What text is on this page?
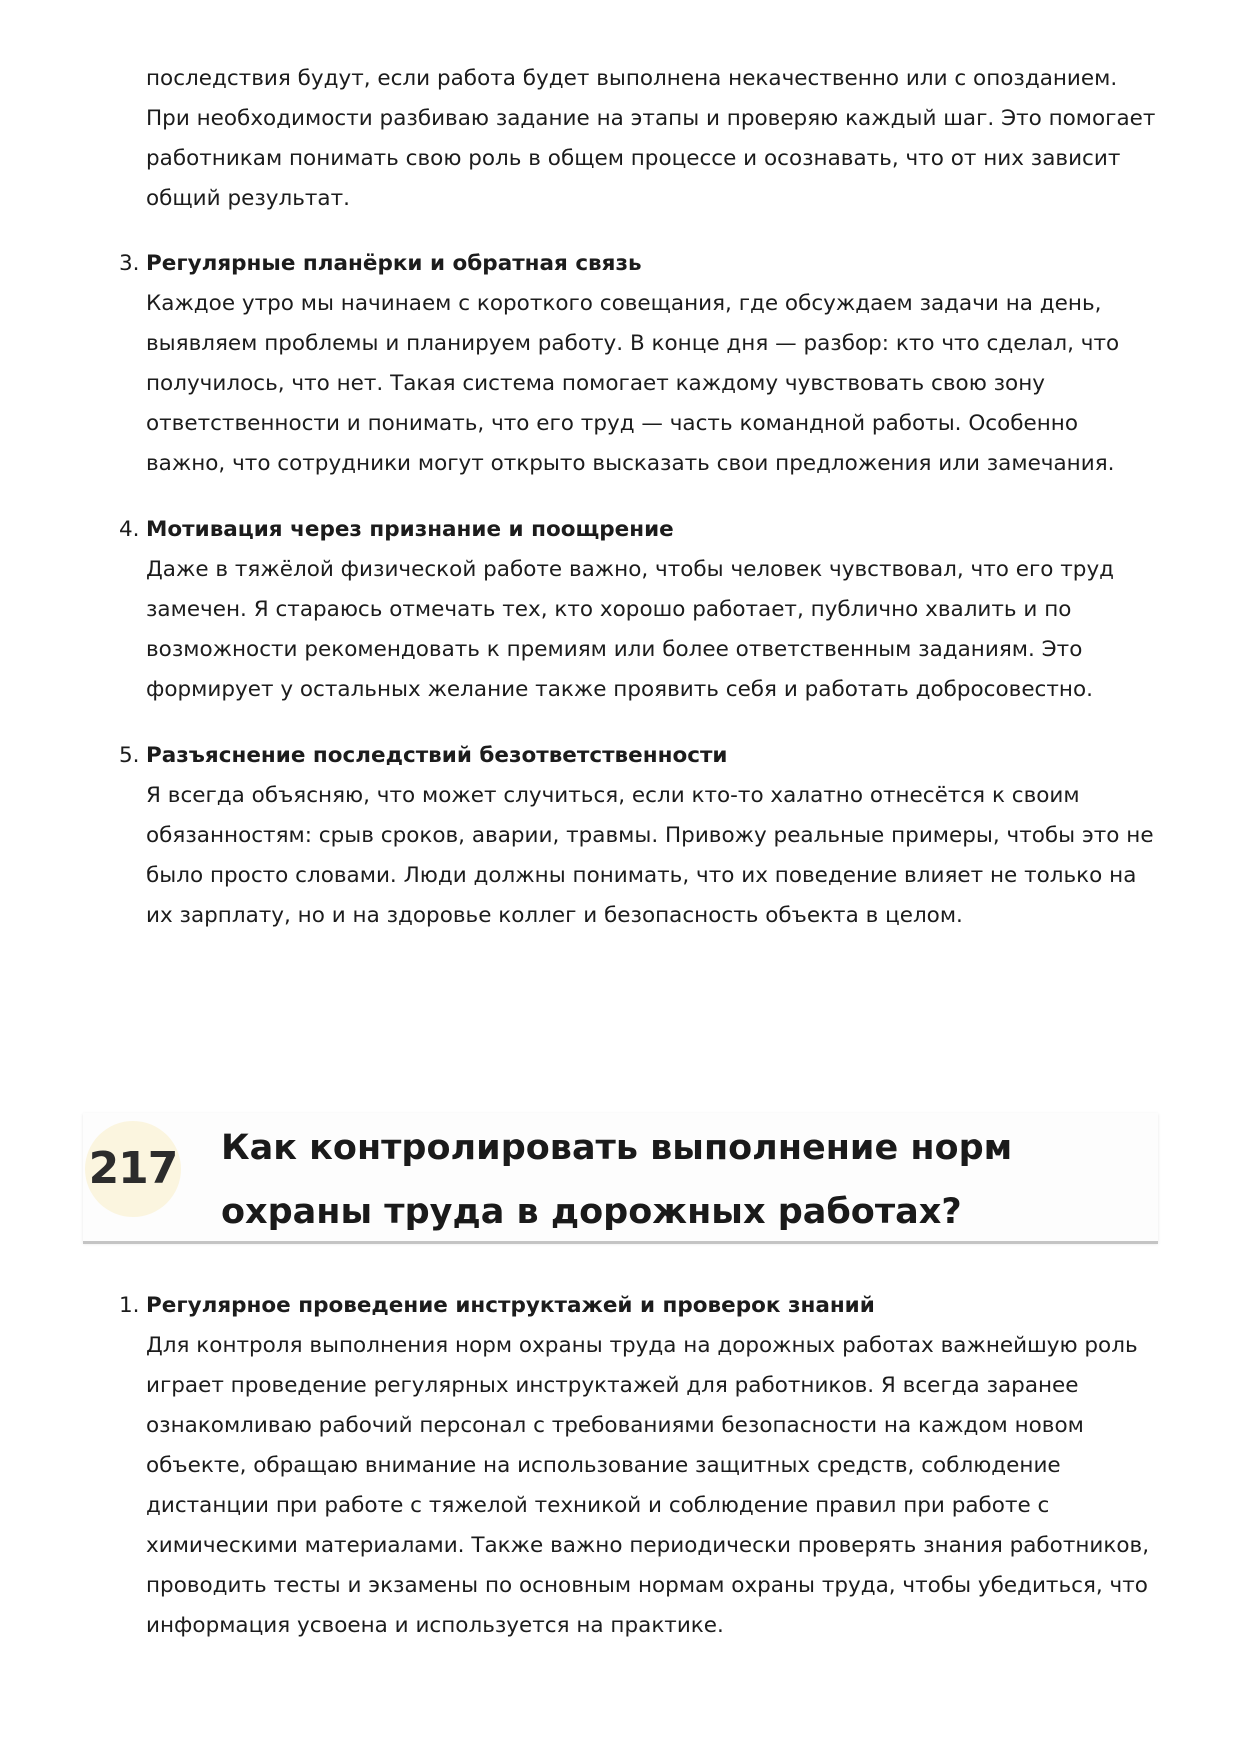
последствия будут, если работа будет выполнена некачественно или с опозданием. При необходимости разбиваю задание на этапы и проверяю каждый шаг. Это помогает работникам понимать свою роль в общем процессе и осознавать, что от них зависит общий результат.

3. Регулярные планёрки и обратная связь

Каждое утро мы начинаем с короткого совещания, где обсуждаем задачи на день, выявляем проблемы и планируем работу. В конце дня — разбор: кто что сделал, что получилось, что нет. Такая система помогает каждому чувствовать свою зону ответственности и понимать, что его труд — часть командной работы. Особенно важно, что сотрудники могут открыто высказать свои предложения или замечания.

4. Мотивация через признание и поощрение

Даже в тяжёлой физической работе важно, чтобы человек чувствовал, что его труд замечен. Я стараюсь отмечать тех, кто хорошо работает, публично хвалить и по возможности рекомендовать к премиям или более ответственным заданиям. Это формирует у остальных желание также проявить себя и работать добросовестно.

5. Разъяснение последствий безответственности

Я всегда объясняю, что может случиться, если кто-то халатно отнесётся к своим обязанностям: срыв сроков, аварии, травмы. Привожу реальные примеры, чтобы это не было просто словами. Люди должны понимать, что их поведение влияет не только на их зарплату, но и на здоровье коллег и безопасность объекта в целом.

217 Как контролировать выполнение норм охраны труда в дорожных работах?
1. Регулярное проведение инструктажей и проверок знаний

Для контроля выполнения норм охраны труда на дорожных работах важнейшую роль играет проведение регулярных инструктажей для работников. Я всегда заранее ознакомливаю рабочий персонал с требованиями безопасности на каждом новом объекте, обращаю внимание на использование защитных средств, соблюдение дистанции при работе с тяжелой техникой и соблюдение правил при работе с химическими материалами. Также важно периодически проверять знания работников, проводить тесты и экзамены по основным нормам охраны труда, чтобы убедиться, что информация усвоена и используется на практике.
